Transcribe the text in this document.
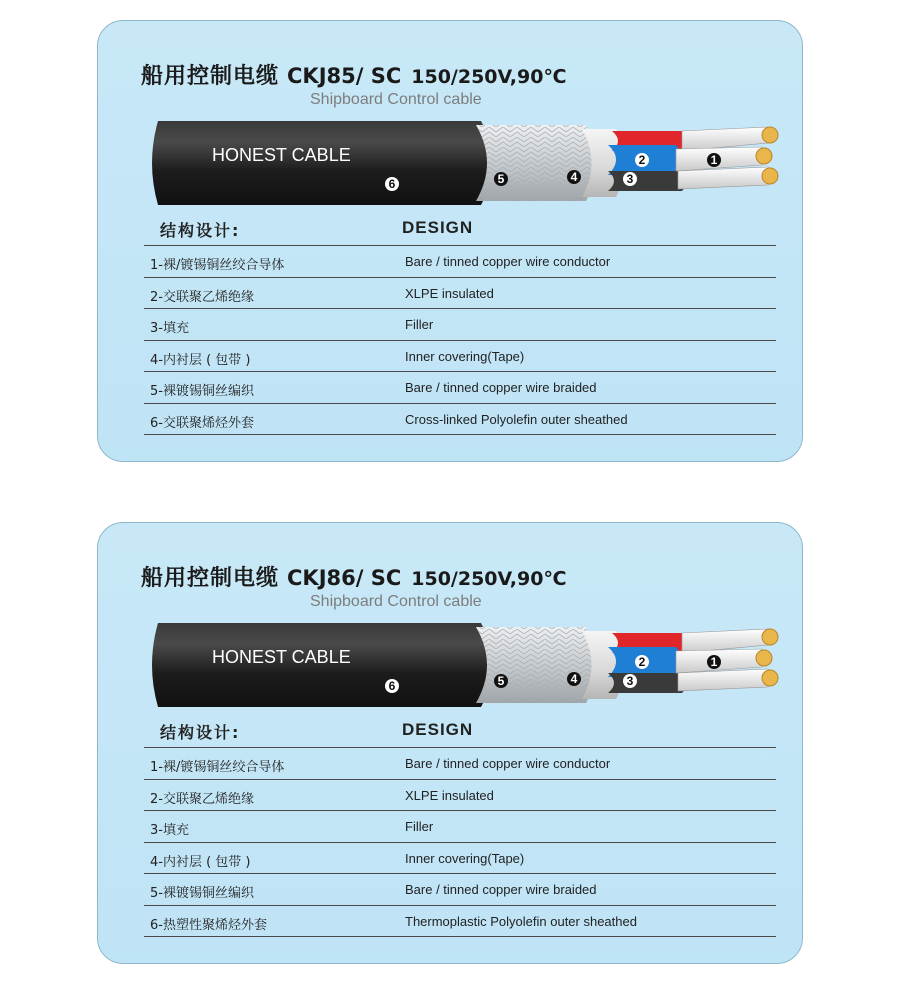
船用控制电缆 CKJ85/ SC 150/250V,90℃
Shipboard Control cable
HONEST CABLE	1
2
3
4
5
6
结构设计:	DESIGN
1-裸/镀锡铜丝绞合导体	Bare / tinned copper wire conductor
2-交联聚乙烯绝缘	XLPE insulated
3-填充	Filler
4-内衬层 ( 包带 )	Inner covering(Tape)
5-裸镀锡铜丝编织	Bare / tinned copper wire braided
6-交联聚烯烃外套	Cross-linked Polyolefin outer sheathed
船用控制电缆 CKJ86/ SC 150/250V,90℃
Shipboard Control cable
HONEST CABLE	1
2
3
4
5
6
结构设计:	DESIGN
1-裸/镀锡铜丝绞合导体	Bare / tinned copper wire conductor
2-交联聚乙烯绝缘	XLPE insulated
3-填充	Filler
4-内衬层 ( 包带 )	Inner covering(Tape)
5-裸镀锡铜丝编织	Bare / tinned copper wire braided
6-热塑性聚烯烃外套	Thermoplastic Polyolefin outer sheathed
